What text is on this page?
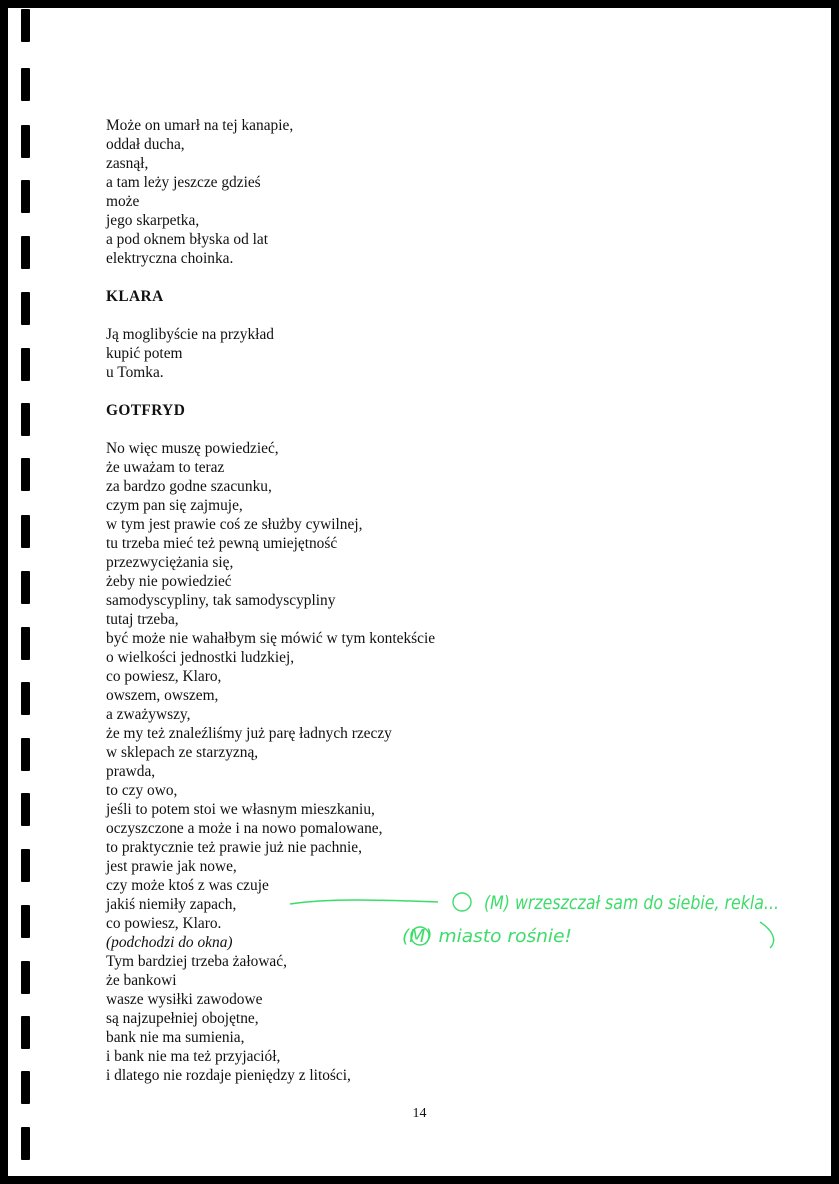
Może on umarł na tej kanapie,
oddał ducha,
zasnął,
a tam leży jeszcze gdzieś
może
jego skarpetka,
a pod oknem błyska od lat
elektryczna choinka.
KLARA
Ją moglibyście na przykład
kupić potem
u Tomka.
GOTFRYD
No więc muszę powiedzieć,
że uważam to teraz
za bardzo godne szacunku,
czym pan się zajmuje,
w tym jest prawie coś ze służby cywilnej,
tu trzeba mieć też pewną umiejętność
przezwyciężania się,
żeby nie powiedzieć
samodyscypliny, tak samodyscypliny
tutaj trzeba,
być może nie wahałbym się mówić w tym kontekście
o wielkości jednostki ludzkiej,
co powiesz, Klaro,
owszem, owszem,
a zważywszy,
że my też znaleźliśmy już parę ładnych rzeczy
w sklepach ze starzyzną,
prawda,
to czy owo,
jeśli to potem stoi we własnym mieszkaniu,
oczyszczone a może i na nowo pomalowane,
to praktycznie też prawie już nie pachnie,
jest prawie jak nowe,
czy może ktoś z was czuje
jakiś niemiły zapach,
co powiesz, Klaro.
(podchodzi do okna)
Tym bardziej trzeba żałować,
że bankowi
wasze wysiłki zawodowe
są najzupełniej obojętne,
bank nie ma sumienia,
i bank nie ma też przyjaciół,
i dlatego nie rozdaje pieniędzy z litości,
14
(M) wrzeszczał sam do siebie, rekla...
(M) miasto rośnie!
